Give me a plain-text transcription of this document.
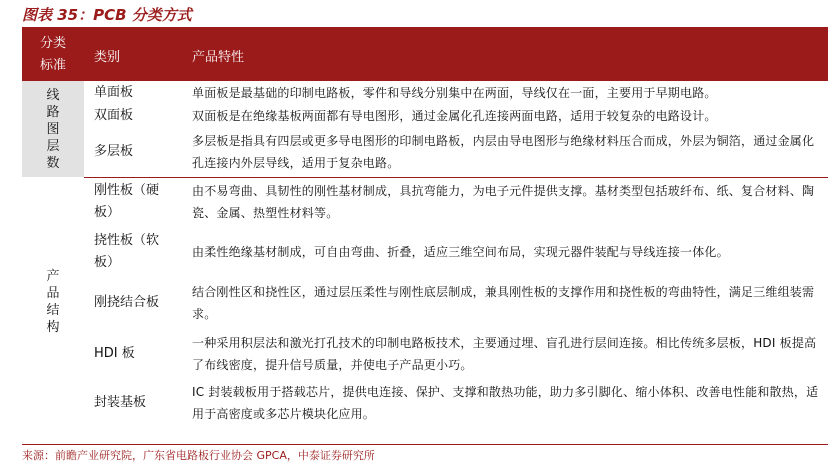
图表 35：PCB 分类方式
分类
标准	类别	产品特性
线路图层数	单面板	单面板是最基础的印制电路板，零件和导线分别集中在两面，导线仅在一面，主要用于早期电路。
	双面板	双面板是在绝缘基板两面都有导电图形，通过金属化孔连接两面电路，适用于较复杂的电路设计。
	多层板	多层板是指具有四层或更多导电图形的印制电路板，内层由导电图形与绝缘材料压合而成，外层为铜箔，通过金属化孔连接内外层导线，适用于复杂电路。
产品结构	刚性板（硬板）	由不易弯曲、具韧性的刚性基材制成，具抗弯能力，为电子元件提供支撑。基材类型包括玻纤布、纸、复合材料、陶瓷、金属、热塑性材料等。
	挠性板（软板）	由柔性绝缘基材制成，可自由弯曲、折叠，适应三维空间布局，实现元器件装配与导线连接一体化。
	刚挠结合板	结合刚性区和挠性区，通过层压柔性与刚性底层制成，兼具刚性板的支撑作用和挠性板的弯曲特性，满足三维组装需求。
	HDI 板	一种采用积层法和激光打孔技术的印制电路板技术，主要通过埋、盲孔进行层间连接。相比传统多层板，HDI 板提高了布线密度，提升信号质量，并使电子产品更小巧。
	封装基板	IC 封装载板用于搭载芯片，提供电连接、保护、支撑和散热功能，助力多引脚化、缩小体积、改善电性能和散热，适用于高密度或多芯片模块化应用。
来源：前瞻产业研究院，广东省电路板行业协会 GPCA，中泰证券研究所
